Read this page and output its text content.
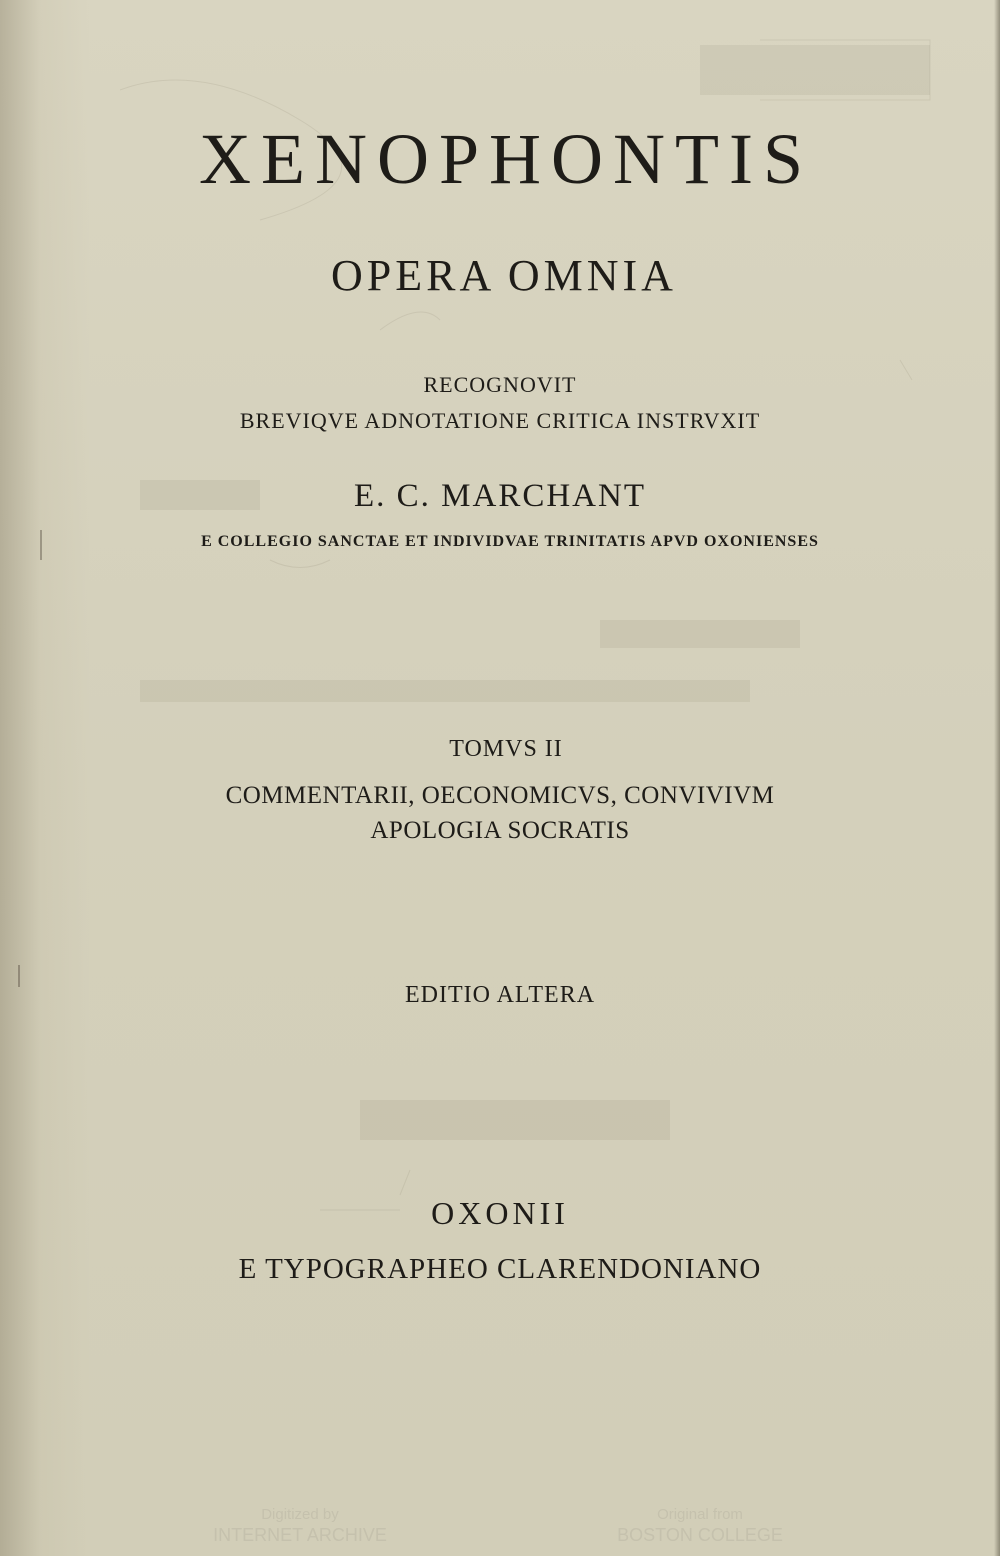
XENOPHONTIS
OPERA OMNIA
RECOGNOVIT
BREVIQVE ADNOTATIONE CRITICA INSTRVXIT
E. C. MARCHANT
E COLLEGIO SANCTAE ET INDIVIDVAE TRINITATIS APVD OXONIENSES
TOMVS II
COMMENTARII, OECONOMICVS, CONVIVIVM
APOLOGIA SOCRATIS
EDITIO ALTERA
OXONII
E TYPOGRAPHEO CLARENDONIANO
Digitized by
INTERNET ARCHIVE
Original from
BOSTON COLLEGE
